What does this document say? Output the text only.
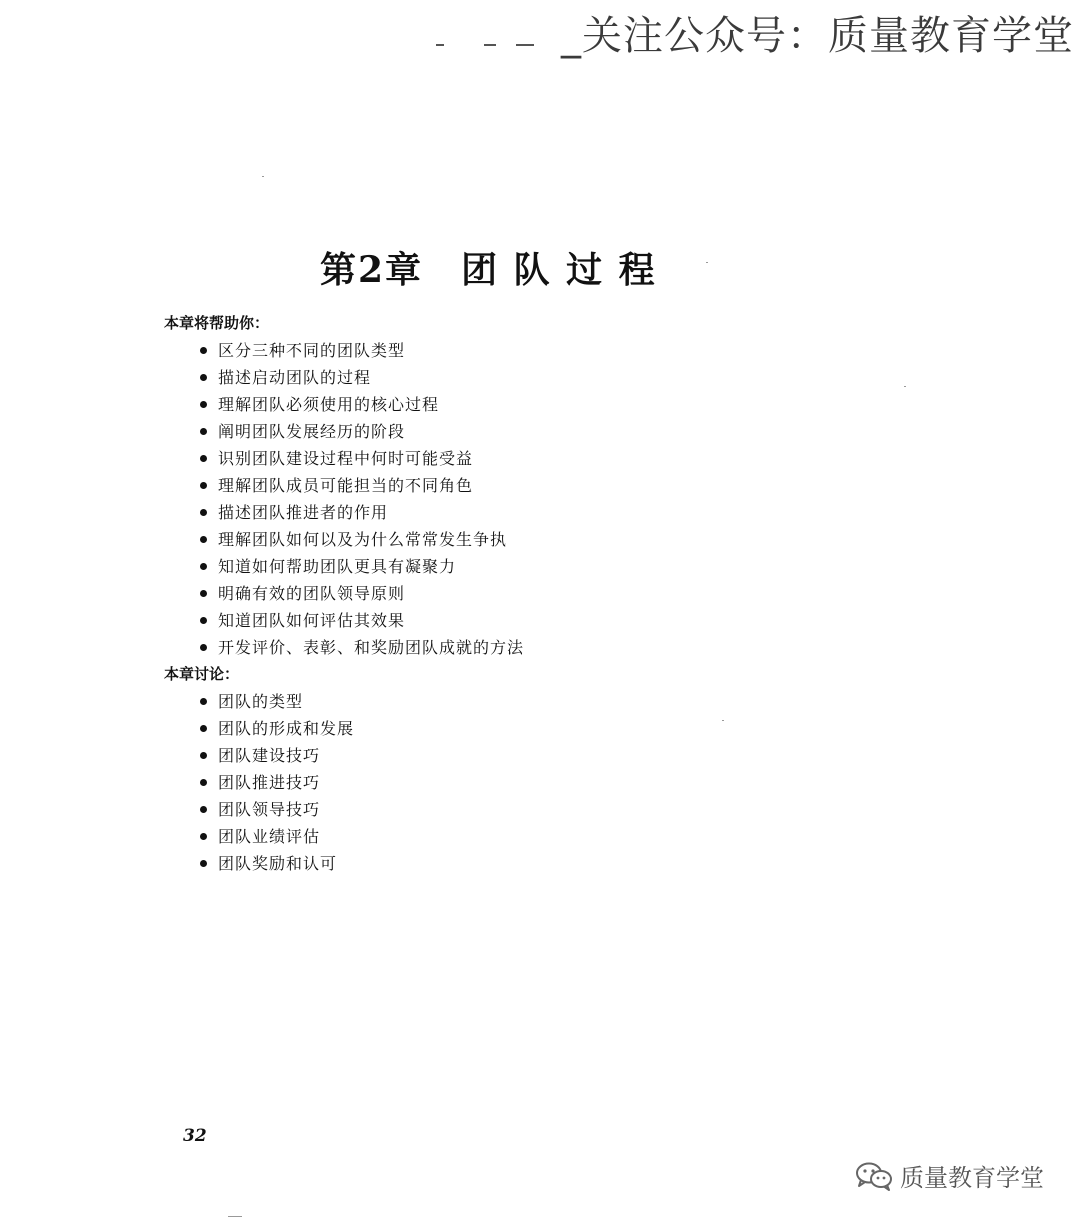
_关注公众号：质量教育学堂
第2章 团 队 过 程

本章将帮助你：

区分三种不同的团队类型
描述启动团队的过程
理解团队必须使用的核心过程
阐明团队发展经历的阶段
识别团队建设过程中何时可能受益
理解团队成员可能担当的不同角色
描述团队推进者的作用
理解团队如何以及为什么常常发生争执
知道如何帮助团队更具有凝聚力
明确有效的团队领导原则
知道团队如何评估其效果
开发评价、表彰、和奖励团队成就的方法

本章讨论：

团队的类型
团队的形成和发展
团队建设技巧
团队推进技巧
团队领导技巧
团队业绩评估
团队奖励和认可
32
质量教育学堂
